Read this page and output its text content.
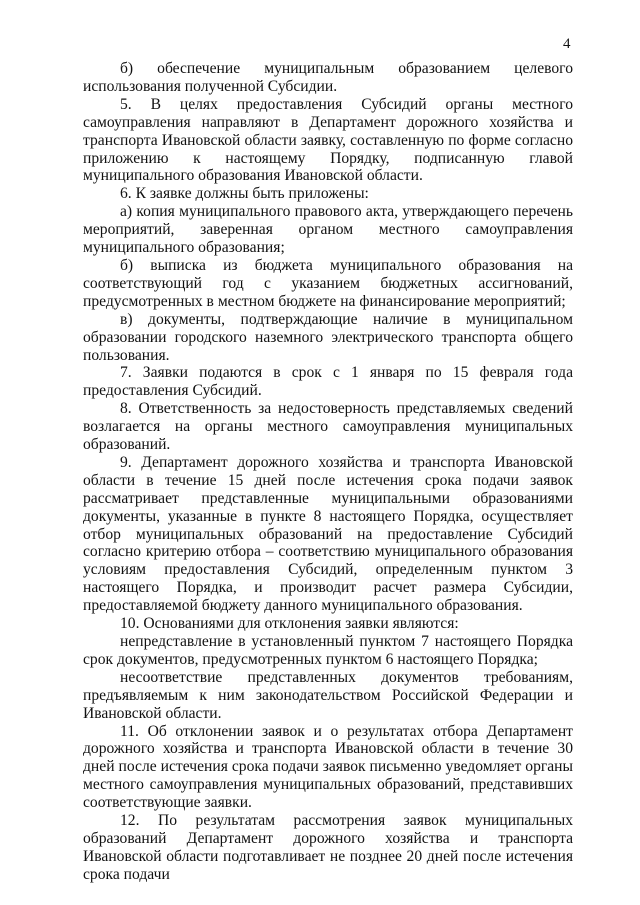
4

б) обеспечение муниципальным образованием целевого использования полученной Субсидии.

5. В целях предоставления Субсидий органы местного самоуправления направляют в Департамент дорожного хозяйства и транспорта Ивановской области заявку, составленную по форме согласно приложению к настоящему Порядку, подписанную главой муниципального образования Ивановской области.

6. К заявке должны быть приложены:

а) копия муниципального правового акта, утверждающего перечень мероприятий, заверенная органом местного самоуправления муниципального образования;

б) выписка из бюджета муниципального образования на соответствующий год с указанием бюджетных ассигнований, предусмотренных в местном бюджете на финансирование мероприятий;

в) документы, подтверждающие наличие в муниципальном образовании городского наземного электрического транспорта общего пользования.

7. Заявки подаются в срок с 1 января по 15 февраля года предоставления Субсидий.

8. Ответственность за недостоверность представляемых сведений возлагается на органы местного самоуправления муниципальных образований.

9. Департамент дорожного хозяйства и транспорта Ивановской области в течение 15 дней после истечения срока подачи заявок рассматривает представленные муниципальными образованиями документы, указанные в пункте 8 настоящего Порядка, осуществляет отбор муниципальных образований на предоставление Субсидий согласно критерию отбора – соответствию муниципального образования условиям предоставления Субсидий, определенным пунктом 3 настоящего Порядка, и производит расчет размера Субсидии, предоставляемой бюджету данного муниципального образования.

10. Основаниями для отклонения заявки являются:

непредставление в установленный пунктом 7 настоящего Порядка срок документов, предусмотренных пунктом 6 настоящего Порядка;

несоответствие представленных документов требованиям, предъявляемым к ним законодательством Российской Федерации и Ивановской области.

11. Об отклонении заявок и о результатах отбора Департамент дорожного хозяйства и транспорта Ивановской области в течение 30 дней после истечения срока подачи заявок письменно уведомляет органы местного самоуправления муниципальных образований, представивших соответствующие заявки.

12. По результатам рассмотрения заявок муниципальных образований Департамент дорожного хозяйства и транспорта Ивановской области подготавливает не позднее 20 дней после истечения срока подачи
